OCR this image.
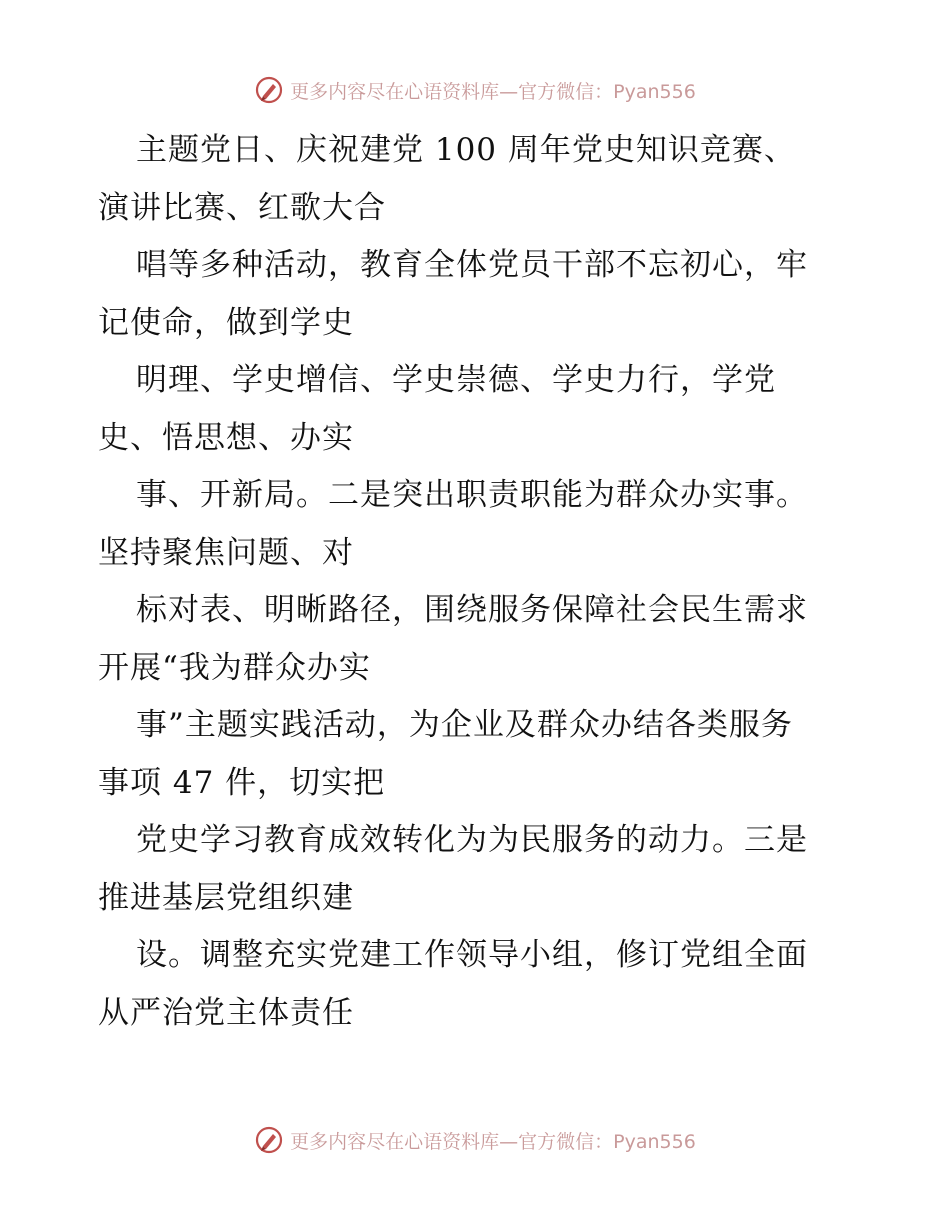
更多内容尽在心语资料库—官方微信：Pyan556
主题党日、庆祝建党 100 周年党史知识竞赛、
演讲比赛、红歌大合
唱等多种活动，教育全体党员干部不忘初心，牢
记使命，做到学史
明理、学史增信、学史崇德、学史力行，学党
史、悟思想、办实
事、开新局。二是突出职责职能为群众办实事。
坚持聚焦问题、对
标对表、明晰路径，围绕服务保障社会民生需求
开展“我为群众办实
事”主题实践活动，为企业及群众办结各类服务
事项 47 件，切实把
党史学习教育成效转化为为民服务的动力。三是
推进基层党组织建
设。调整充实党建工作领导小组，修订党组全面
从严治党主体责任
更多内容尽在心语资料库—官方微信：Pyan556
